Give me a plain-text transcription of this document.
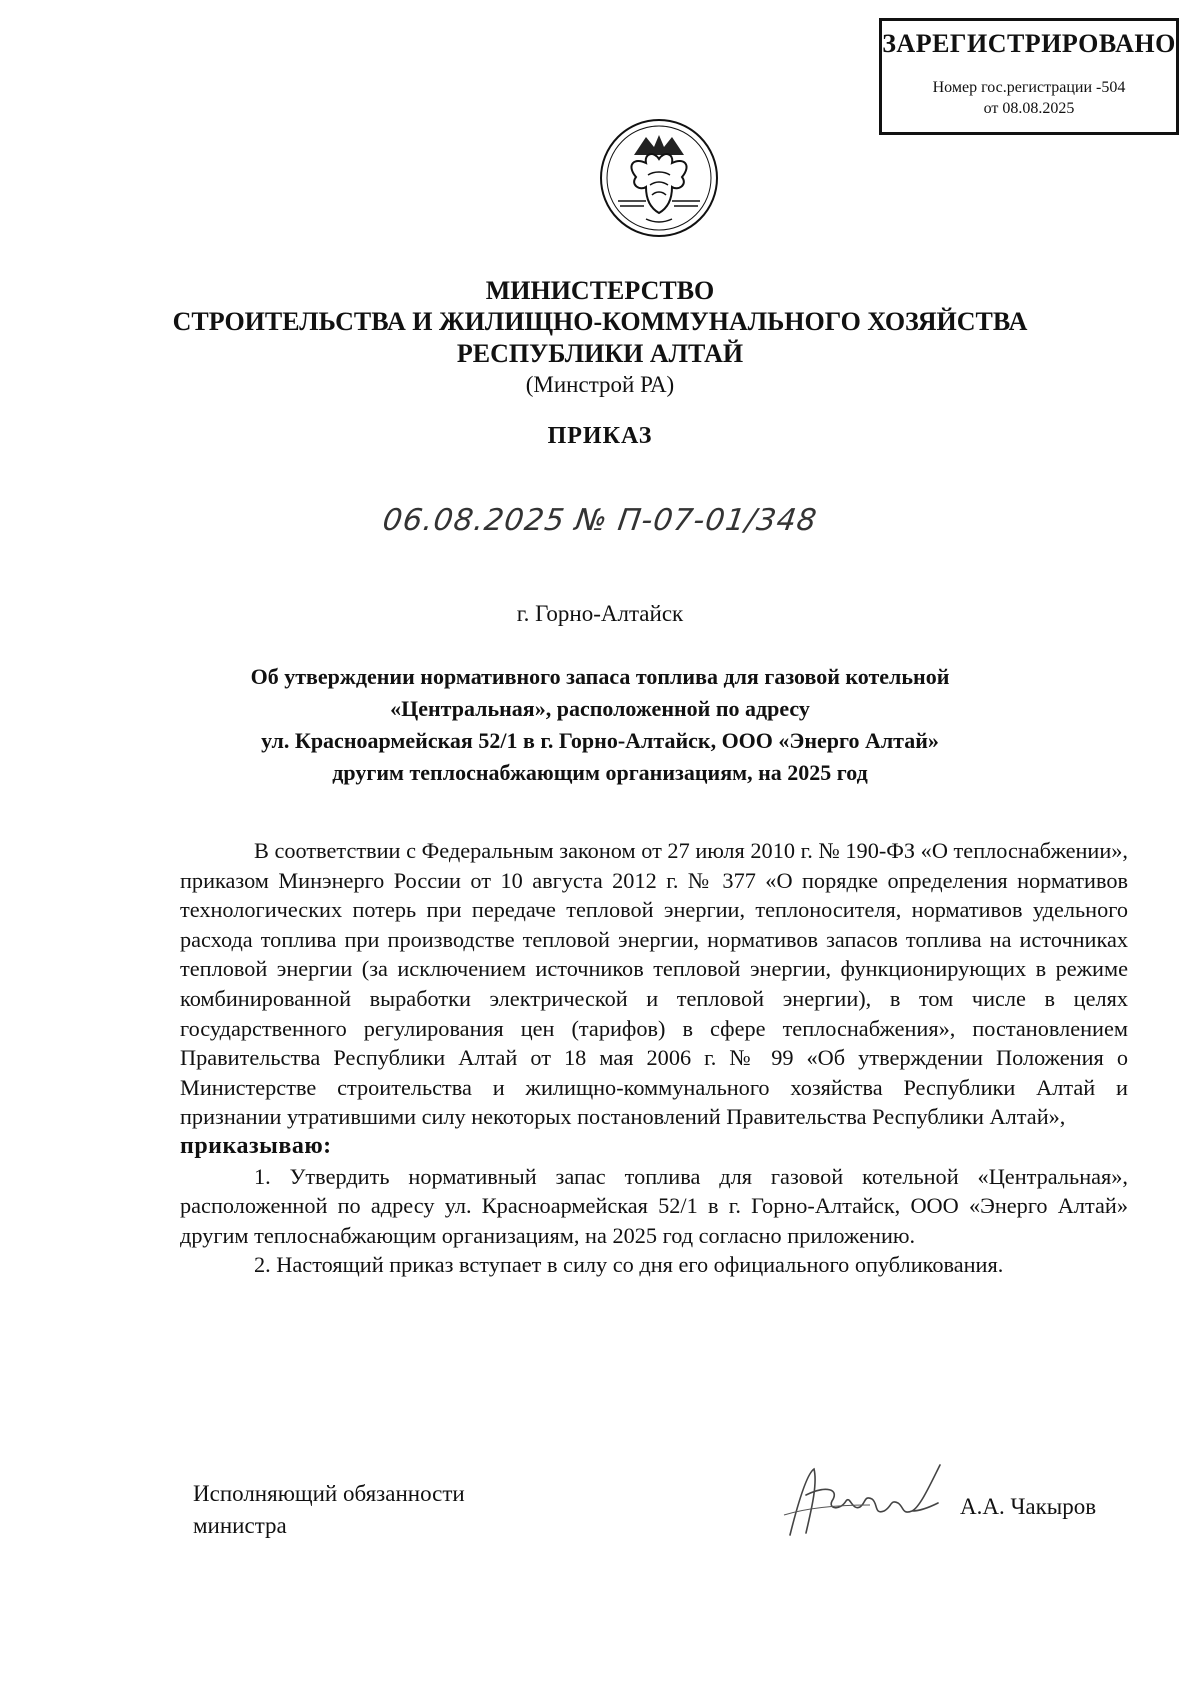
ЗАРЕГИСТРИРОВАНО
Номер гос.регистрации -504
от 08.08.2025
МИНИСТЕРСТВО
СТРОИТЕЛЬСТВА И ЖИЛИЩНО-КОММУНАЛЬНОГО ХОЗЯЙСТВА
РЕСПУБЛИКИ АЛТАЙ
(Минстрой РА)
ПРИКАЗ
06.08.2025 № П-07-01/348
г. Горно-Алтайск
Об утверждении нормативного запаса топлива для газовой котельной
«Центральная», расположенной по адресу
ул. Красноармейская 52/1 в г. Горно-Алтайск, ООО «Энерго Алтай»
другим теплоснабжающим организациям, на 2025 год

В соответствии с Федеральным законом от 27 июля 2010 г. № 190-ФЗ «О теплоснабжении», приказом Минэнерго России от 10 августа 2012 г. № 377 «О порядке определения нормативов технологических потерь при передаче тепловой энергии, теплоносителя, нормативов удельного расхода топлива при производстве тепловой энергии, нормативов запасов топлива на источниках тепловой энергии (за исключением источников тепловой энергии, функционирующих в режиме комбинированной выработки электрической и тепловой энергии), в том числе в целях государственного регулирования цен (тарифов) в сфере теплоснабжения», постановлением Правительства Республики Алтай от 18 мая 2006 г. № 99 «Об утверждении Положения о Министерстве строительства и жилищно-коммунального хозяйства Республики Алтай и признании утратившими силу некоторых постановлений Правительства Республики Алтай»,

приказываю:

1. Утвердить нормативный запас топлива для газовой котельной «Центральная», расположенной по адресу ул. Красноармейская 52/1 в г. Горно-Алтайск, ООО «Энерго Алтай» другим теплоснабжающим организациям, на 2025 год согласно приложению.

2. Настоящий приказ вступает в силу со дня его официального опубликования.

Исполняющий обязанности
министра
А.А. Чакыров
